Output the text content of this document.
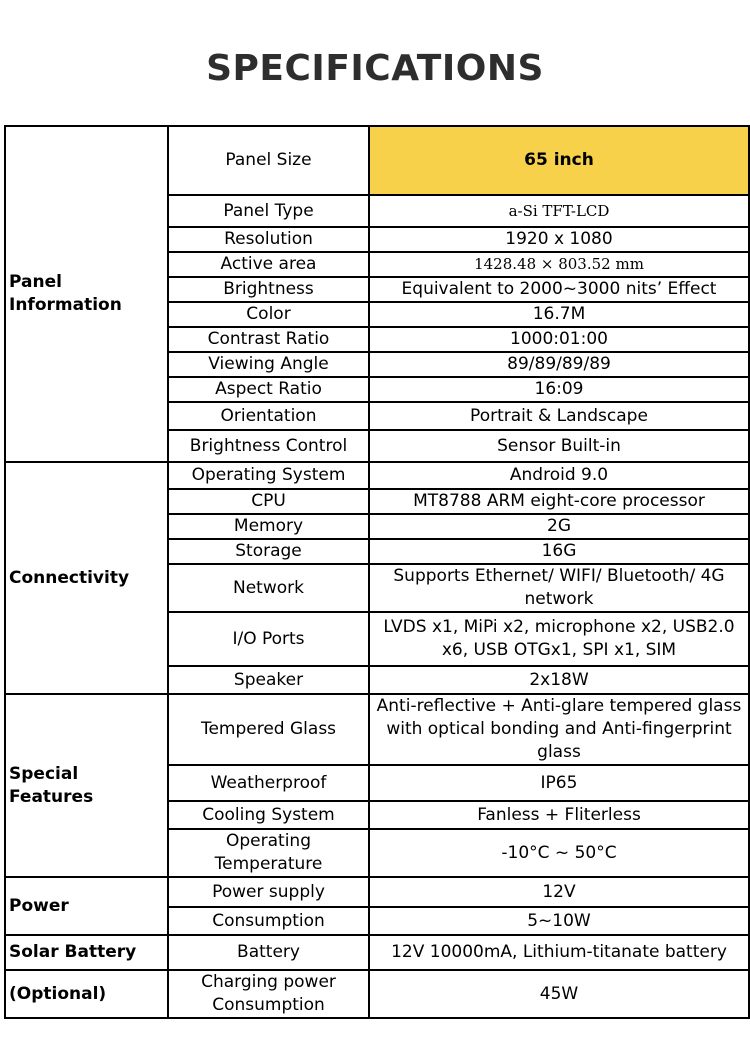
SPECIFICATIONS
Panel Information	Panel Size	65 inch
	Panel Type	a-Si TFT-LCD
	Resolution	1920 x 1080
	Active area	1428.48 × 803.52 mm
	Brightness	Equivalent to 2000~3000 nits’ Effect
	Color	16.7M
	Contrast Ratio	1000:01:00
	Viewing Angle	89/89/89/89
	Aspect Ratio	16:09
	Orientation	Portrait & Landscape
	Brightness Control	Sensor Built-in
Connectivity	Operating System	Android 9.0
	CPU	MT8788 ARM eight-core processor
	Memory	2G
	Storage	16G
	Network	Supports Ethernet/ WIFI/ Bluetooth/ 4G network
	I/O Ports	LVDS x1, MiPi x2, microphone x2, USB2.0 x6, USB OTGx1, SPI x1, SIM

	Speaker	2x18W
Special Features	Tempered Glass	Anti-reflective + Anti-glare tempered glass with optical bonding and Anti-fingerprint glass
	Weatherproof	IP65
	Cooling System	Fanless + Fliterless
	Operating Temperature	-10°C ~ 50°C
Power	Power supply	12V
	Consumption	5~10W
Solar Battery	Battery	12V 10000mA, Lithium-titanate battery
(Optional)	Charging power Consumption	45W
